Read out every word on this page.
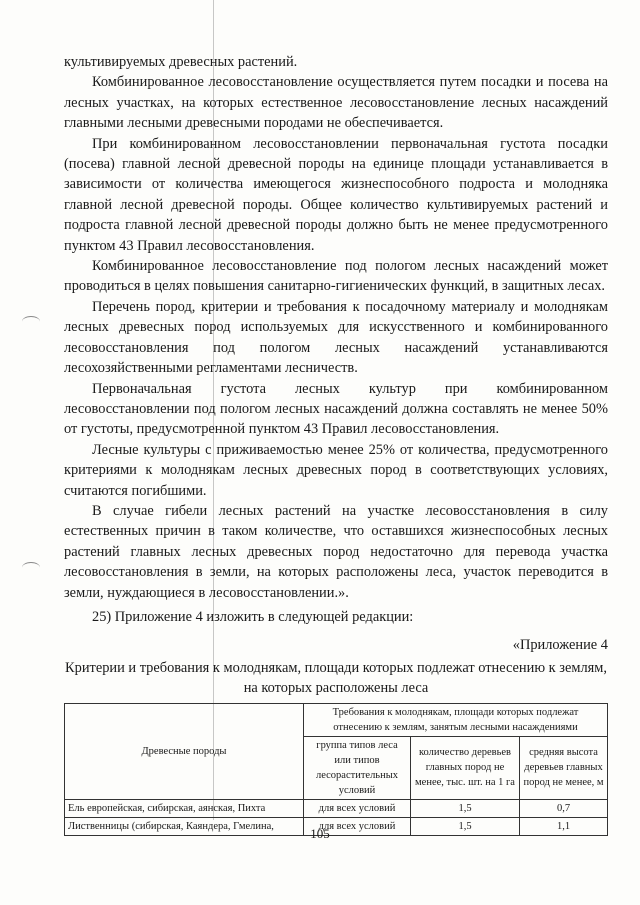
культивируемых древесных растений.

Комбинированное лесовосстановление осуществляется путем посадки и посева на лесных участках, на которых естественное лесовосстановление лесных насаждений главными лесными древесными породами не обеспечивается.

При комбинированном лесовосстановлении первоначальная густота посадки (посева) главной лесной древесной породы на единице площади устанавливается в зависимости от количества имеющегося жизнеспособного подроста и молодняка главной лесной древесной породы. Общее количество культивируемых растений и подроста главной лесной древесной породы должно быть не менее предусмотренного пунктом 43 Правил лесовосстановления.

Комбинированное лесовосстановление под пологом лесных насаждений может проводиться в целях повышения санитарно-гигиенических функций, в защитных лесах.

Перечень пород, критерии и требования к посадочному материалу и молоднякам лесных древесных пород используемых для искусственного и комбинированного лесовосстановления под пологом лесных насаждений устанавливаются лесохозяйственными регламентами лесничеств.

Первоначальная густота лесных культур при комбинированном лесовосстановлении под пологом лесных насаждений должна составлять не менее 50% от густоты, предусмотренной пунктом 43 Правил лесовосстановления.

Лесные культуры с приживаемостью менее 25% от количества, предусмотренного критериями к молоднякам лесных древесных пород в соответствующих условиях, считаются погибшими.

В случае гибели лесных растений на участке лесовосстановления в силу естественных причин в таком количестве, что оставшихся жизнеспособных лесных растений главных лесных древесных пород недостаточно для перевода участка лесовосстановления в земли, на которых расположены леса, участок переводится в земли, нуждающиеся в лесовосстановлении.».

25) Приложение 4 изложить в следующей редакции:

«Приложение 4

Критерии и требования к молоднякам, площади которых подлежат отнесению к землям, на которых расположены леса

Древесные породы	Требования к молоднякам, площади которых подлежат отнесению к землям, занятым лесными насаждениями		
	группа типов леса или типов лесорастительных условий	количество деревьев главных пород не менее, тыс. шт. на 1 га	средняя высота деревьев главных пород не менее, м
Ель европейская, сибирская, аянская, Пихта	для всех условий	1,5	0,7
Лиственницы (сибирская, Каяндера, Гмелина,	для всех условий	1,5	1,1
105
